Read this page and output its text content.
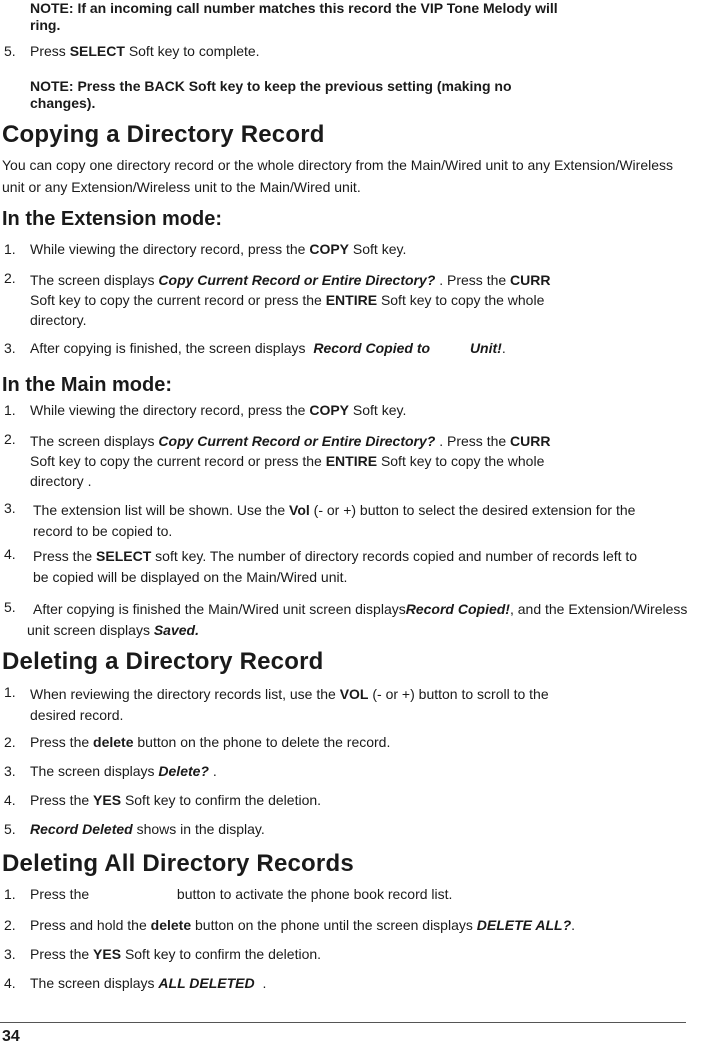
NOTE: If an incoming call number matches this record the VIP Tone Melody will
ring.
5. Press SELECT Soft key to complete.
NOTE: Press the BACK Soft key to keep the previous setting (making no
changes).
Copying a Directory Record
You can copy one directory record or the whole directory from the Main/Wired unit to any Extension/Wireless
unit or any Extension/Wireless unit to the Main/Wired unit.
In the Extension mode:
1. While viewing the directory record, press the COPY Soft key.
2. The screen displays Copy Current Record or Entire Directory? . Press the CURR
Soft key to copy the current record or press the ENTIRE Soft key to copy the whole
directory.
3. After copying is finished, the screen displays Record Copied to	Unit!.
In the Main mode:
1. While viewing the directory record, press the COPY Soft key.
2. The screen displays Copy Current Record or Entire Directory? . Press the CURR
Soft key to copy the current record or press the ENTIRE Soft key to copy the whole
directory .
3. The extension list will be shown. Use the Vol (- or +) button to select the desired extension for the
record to be copied to.
4. Press the SELECT soft key. The number of directory records copied and number of records left to
be copied will be displayed on the Main/Wired unit.
5. After copying is finished the Main/Wired unit screen displaysRecord Copied!, and the Extension/Wireless
unit screen displays Saved.
Deleting a Directory Record
1. When reviewing the directory records list, use the VOL (- or +) button to scroll to the
desired record.
2. Press the delete button on the phone to delete the record.
3. The screen displays Delete? .
4. Press the YES Soft key to confirm the deletion.
5. Record Deleted shows in the display.
Deleting All Directory Records
1. Press the	button to activate the phone book record list.
2. Press and hold the delete button on the phone until the screen displays DELETE ALL?.
3. Press the YES Soft key to confirm the deletion.
4. The screen displays ALL DELETED .
34
